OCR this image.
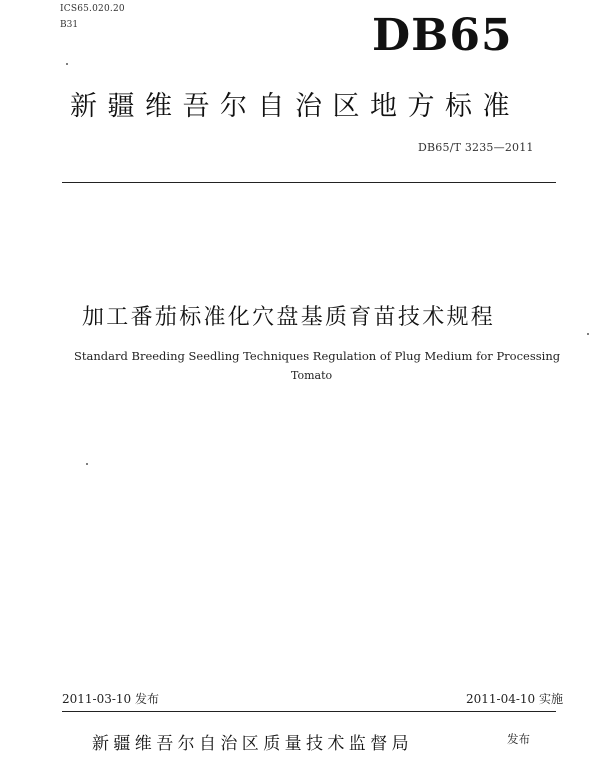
ICS65.020.20
B31	DB65
新疆维吾尔自治区地方标准
DB65/T 3235—2011
加工番茄标准化穴盘基质育苗技术规程
Standard Breeding Seedling Techniques Regulation of Plug Medium for Processing
Tomato
2011-03-10 发布	2011-04-10 实施
新疆维吾尔自治区质量技术监督局	发布
